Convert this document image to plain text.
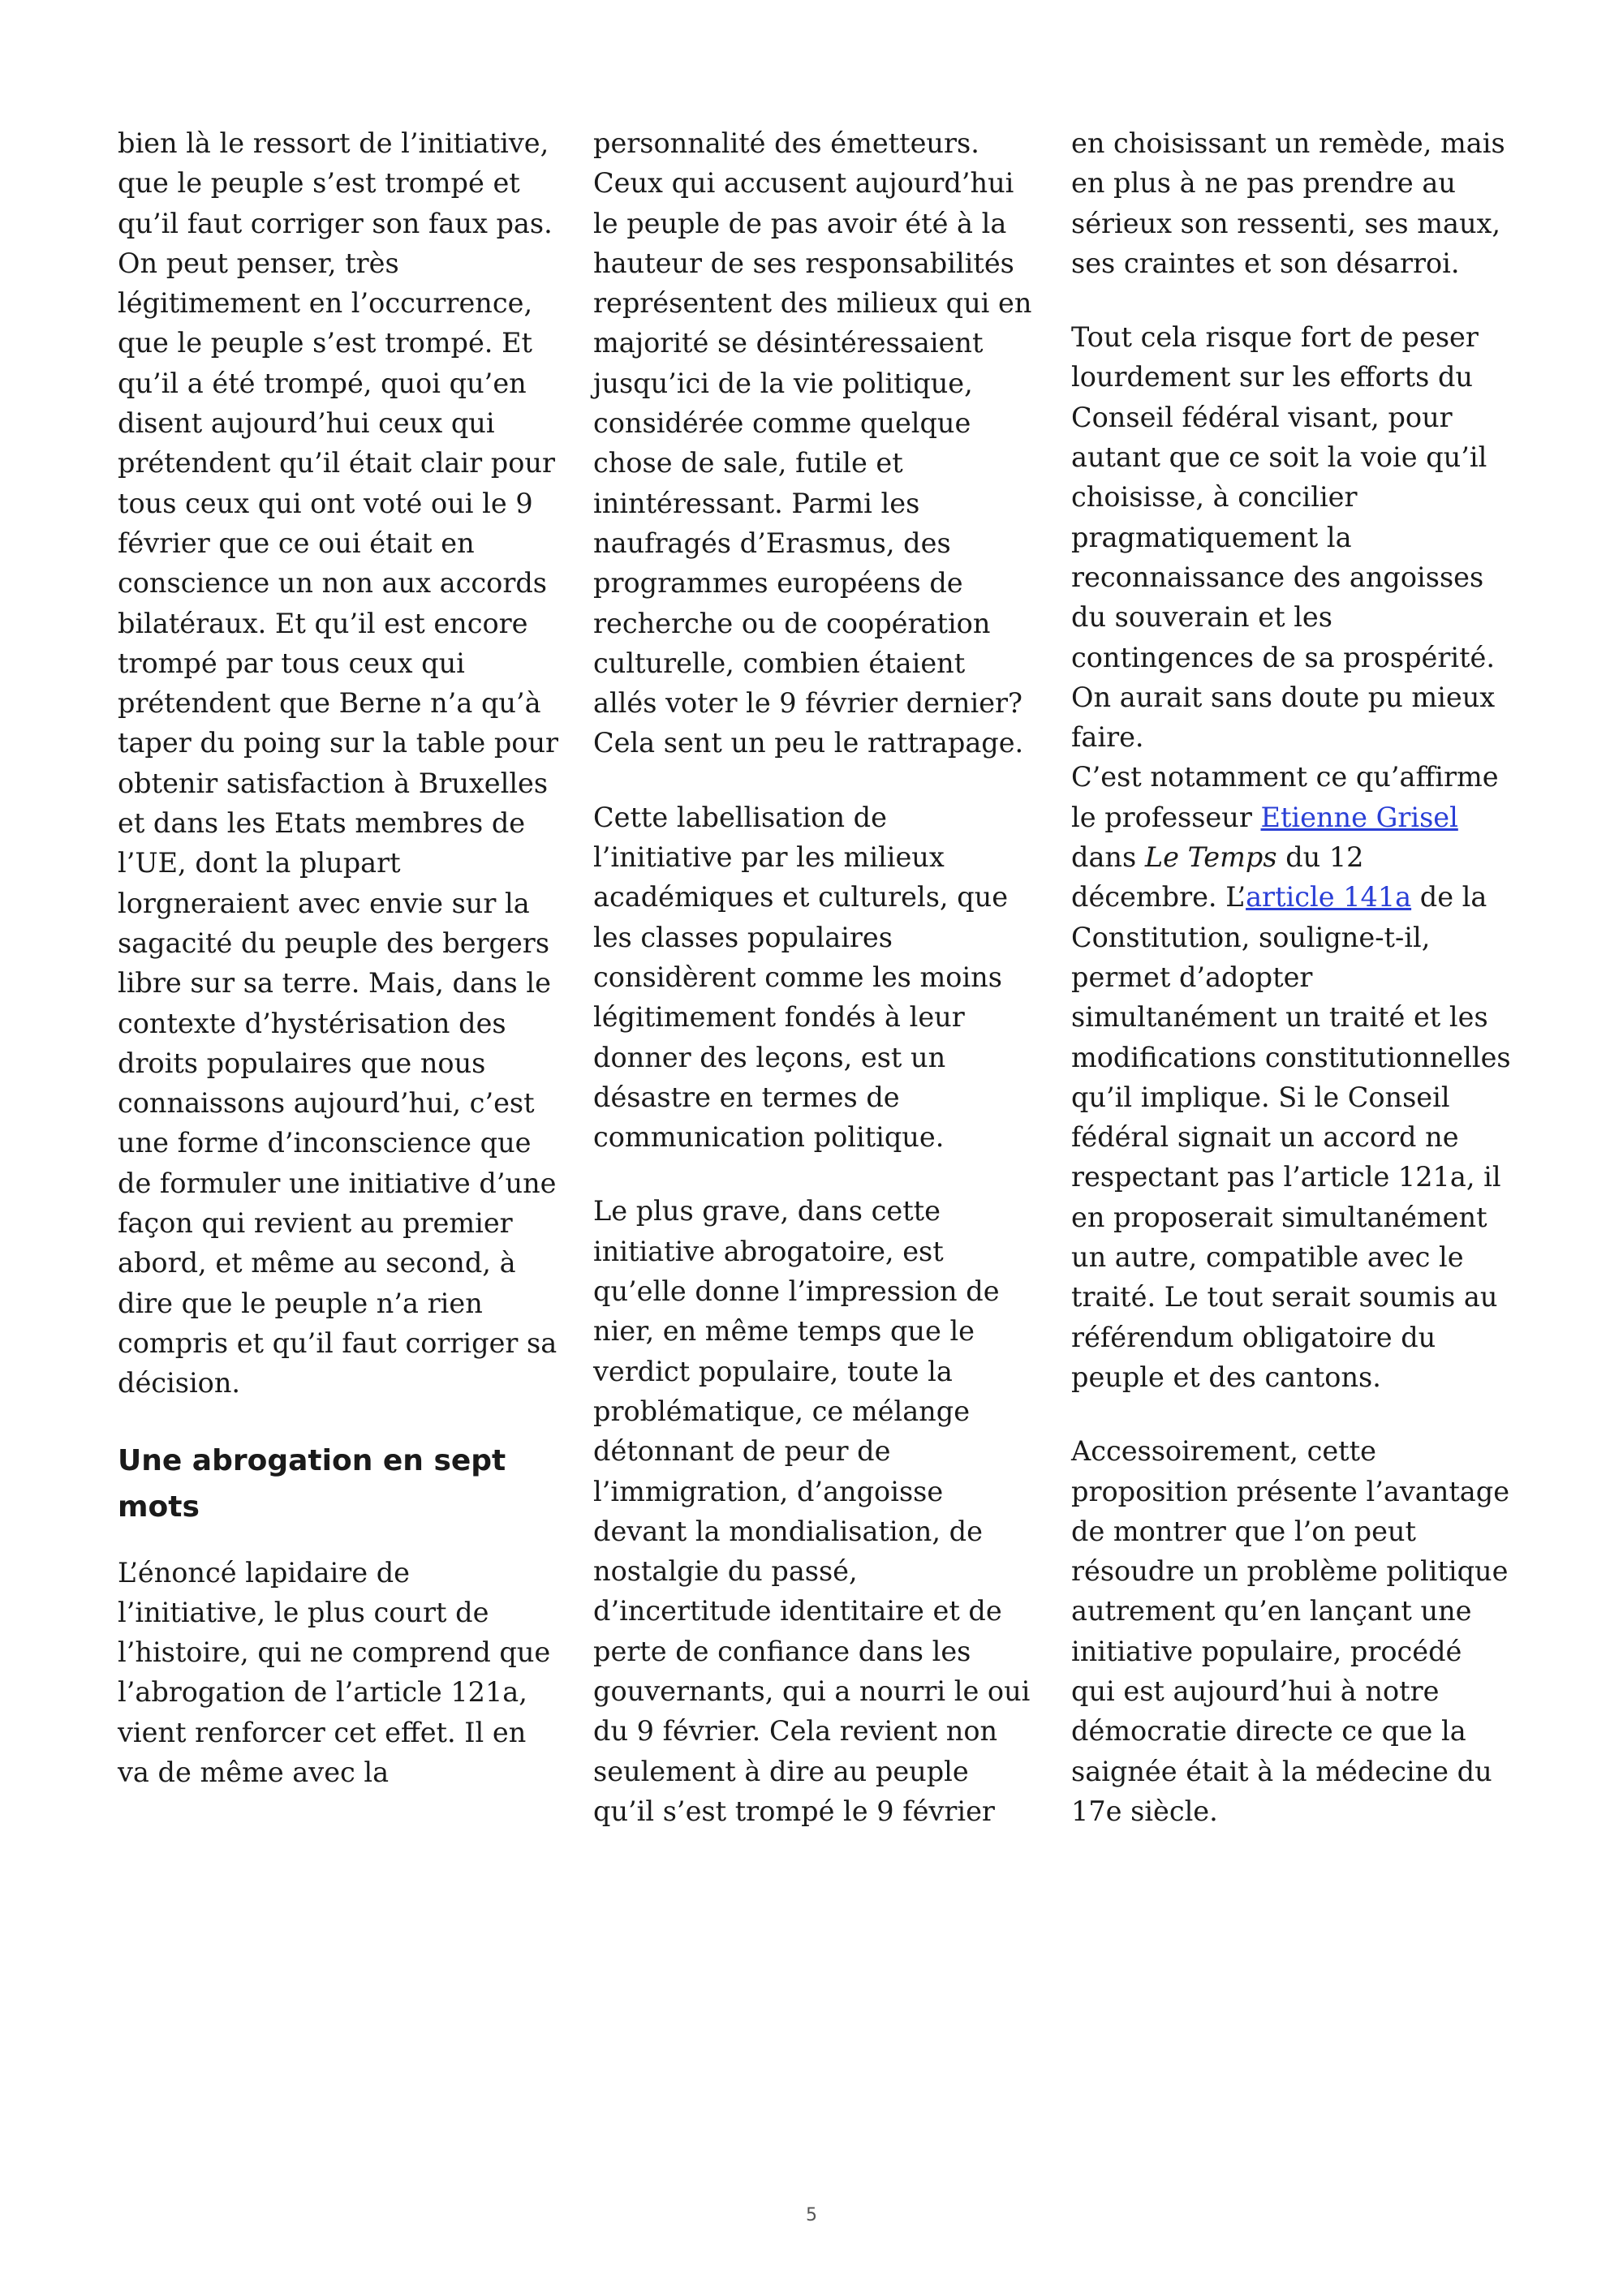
bien là le ressort de l’initiative,
que le peuple s’est trompé et
qu’il faut corriger son faux pas.
On peut penser, très
légitimement en l’occurrence,
que le peuple s’est trompé. Et
qu’il a été trompé, quoi qu’en
disent aujourd’hui ceux qui
prétendent qu’il était clair pour
tous ceux qui ont voté oui le 9
février que ce oui était en
conscience un non aux accords
bilatéraux. Et qu’il est encore
trompé par tous ceux qui
prétendent que Berne n’a qu’à
taper du poing sur la table pour
obtenir satisfaction à Bruxelles
et dans les Etats membres de
l’UE, dont la plupart
lorgneraient avec envie sur la
sagacité du peuple des bergers
libre sur sa terre. Mais, dans le
contexte d’hystérisation des
droits populaires que nous
connaissons aujourd’hui, c’est
une forme d’inconscience que
de formuler une initiative d’une
façon qui revient au premier
abord, et même au second, à
dire que le peuple n’a rien
compris et qu’il faut corriger sa
décision.

Une abrogation en sept
mots

L’énoncé lapidaire de
l’initiative, le plus court de
l’histoire, qui ne comprend que
l’abrogation de l’article 121a,
vient renforcer cet effet. Il en
va de même avec la

personnalité des émetteurs.
Ceux qui accusent aujourd’hui
le peuple de pas avoir été à la
hauteur de ses responsabilités
représentent des milieux qui en
majorité se désintéressaient
jusqu’ici de la vie politique,
considérée comme quelque
chose de sale, futile et
inintéressant. Parmi les
naufragés d’Erasmus, des
programmes européens de
recherche ou de coopération
culturelle, combien étaient
allés voter le 9 février dernier?
Cela sent un peu le rattrapage.

Cette labellisation de
l’initiative par les milieux
académiques et culturels, que
les classes populaires
considèrent comme les moins
légitimement fondés à leur
donner des leçons, est un
désastre en termes de
communication politique.

Le plus grave, dans cette
initiative abrogatoire, est
qu’elle donne l’impression de
nier, en même temps que le
verdict populaire, toute la
problématique, ce mélange
détonnant de peur de
l’immigration, d’angoisse
devant la mondialisation, de
nostalgie du passé,
d’incertitude identitaire et de
perte de confiance dans les
gouvernants, qui a nourri le oui
du 9 février. Cela revient non
seulement à dire au peuple
qu’il s’est trompé le 9 février

en choisissant un remède, mais
en plus à ne pas prendre au
sérieux son ressenti, ses maux,
ses craintes et son désarroi.

Tout cela risque fort de peser
lourdement sur les efforts du
Conseil fédéral visant, pour
autant que ce soit la voie qu’il
choisisse, à concilier
pragmatiquement la
reconnaissance des angoisses
du souverain et les
contingences de sa prospérité.
On aurait sans doute pu mieux
faire.

C’est notamment ce qu’affirme
le professeur Etienne Grisel
dans Le Temps du 12
décembre. L’article 141a de la
Constitution, souligne-t-il,
permet d’adopter
simultanément un traité et les
modifications constitutionnelles
qu’il implique. Si le Conseil
fédéral signait un accord ne
respectant pas l’article 121a, il
en proposerait simultanément
un autre, compatible avec le
traité. Le tout serait soumis au
référendum obligatoire du
peuple et des cantons.

Accessoirement, cette
proposition présente l’avantage
de montrer que l’on peut
résoudre un problème politique
autrement qu’en lançant une
initiative populaire, procédé
qui est aujourd’hui à notre
démocratie directe ce que la
saignée était à la médecine du
17e siècle.

5
